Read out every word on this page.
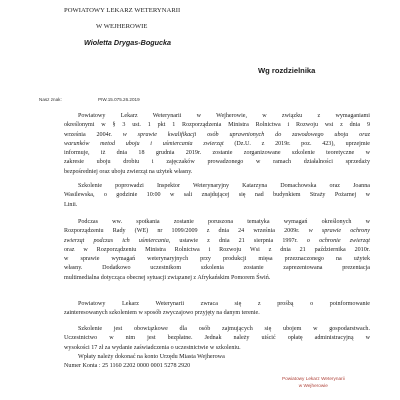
POWIATOWY LEKARZ WETERYNARII
W WEJHEROWIE
Wioletta Drygas-Bogucka
Wg rozdzielnika
Nasz znak:	PIW.15.075.26.2019
Powiatowy Lekarz Weterynarii w Wejherowie, w związku z wymaganiami
określonymi w § 3 ust. 1 pkt 1 Rozporządzenia Ministra Rolnictwa i Rozwoju wsi z dnia 9
września 2004r. w sprawie kwalifikacji osób uprawnionych do zawodowego uboju oraz
warunków metod uboju i uśmiercania zwierząt (Dz.U. z 2019r. poz. 423), uprzejmie
informuje, iż dnia 18 grudnia 2019r. zostanie zorganizowane szkolenie teoretyczne w
zakresie uboju drobiu i zajęczaków prowadzonego w ramach działalności sprzedaży
bezpośredniej oraz uboju zwierząt na użytek własny.
Szkolenie poprowadzi Inspektor Weterynaryjny Katarzyna Domachowska oraz Joanna
Wasilewska, o godzinie 10:00 w sali znajdującej się nad budynkiem Straży Pożarnej w
Linii.
Podczas ww. spotkania zostanie poruszona tematyka wymagań określonych w
Rozporządzeniu Rady (WE) nr 1099/2009 z dnia 24 września 2009r. w sprawie ochrony
zwierząt podczas ich uśmiercania, ustawie z dnia 21 sierpnia 1997r. o ochronie zwierząt
oraz w Rozporządzeniu Ministra Rolnictwa i Rozwoju Wsi z dnia 21 października 2010r.
w sprawie wymagań weterynaryjnych przy produkcji mięsa przeznaczonego na użytek
własny. Dodatkowo uczestnikom szkolenia zostanie zaprezentowana prezentacja
multimedialna dotycząca obecnej sytuacji związanej z Afrykańskim Pomorem Świń.
Powiatowy Lekarz Weterynarii zwraca się z prośbą o poinformowanie
zainteresowanych szkoleniem w sposób zwyczajowo przyjęty na danym terenie.
Szkolenie jest obowiązkowe dla osób zajmujących się ubojem w gospodarstwach.
Uczestnictwo w nim jest bezpłatne. Jednak należy uiścić opłatę administracyjną w
wysokości 17 zł za wydanie zaświadczenia o uczestnictwie w szkoleniu.
Wpłaty należy dokonać na konto Urzędu Miasta Wejherowa
Numer Konta : 25 1160 2202 0000 0001 5278 2920
Powiatowy Lekarz Weterynarii
w Wejherowie
